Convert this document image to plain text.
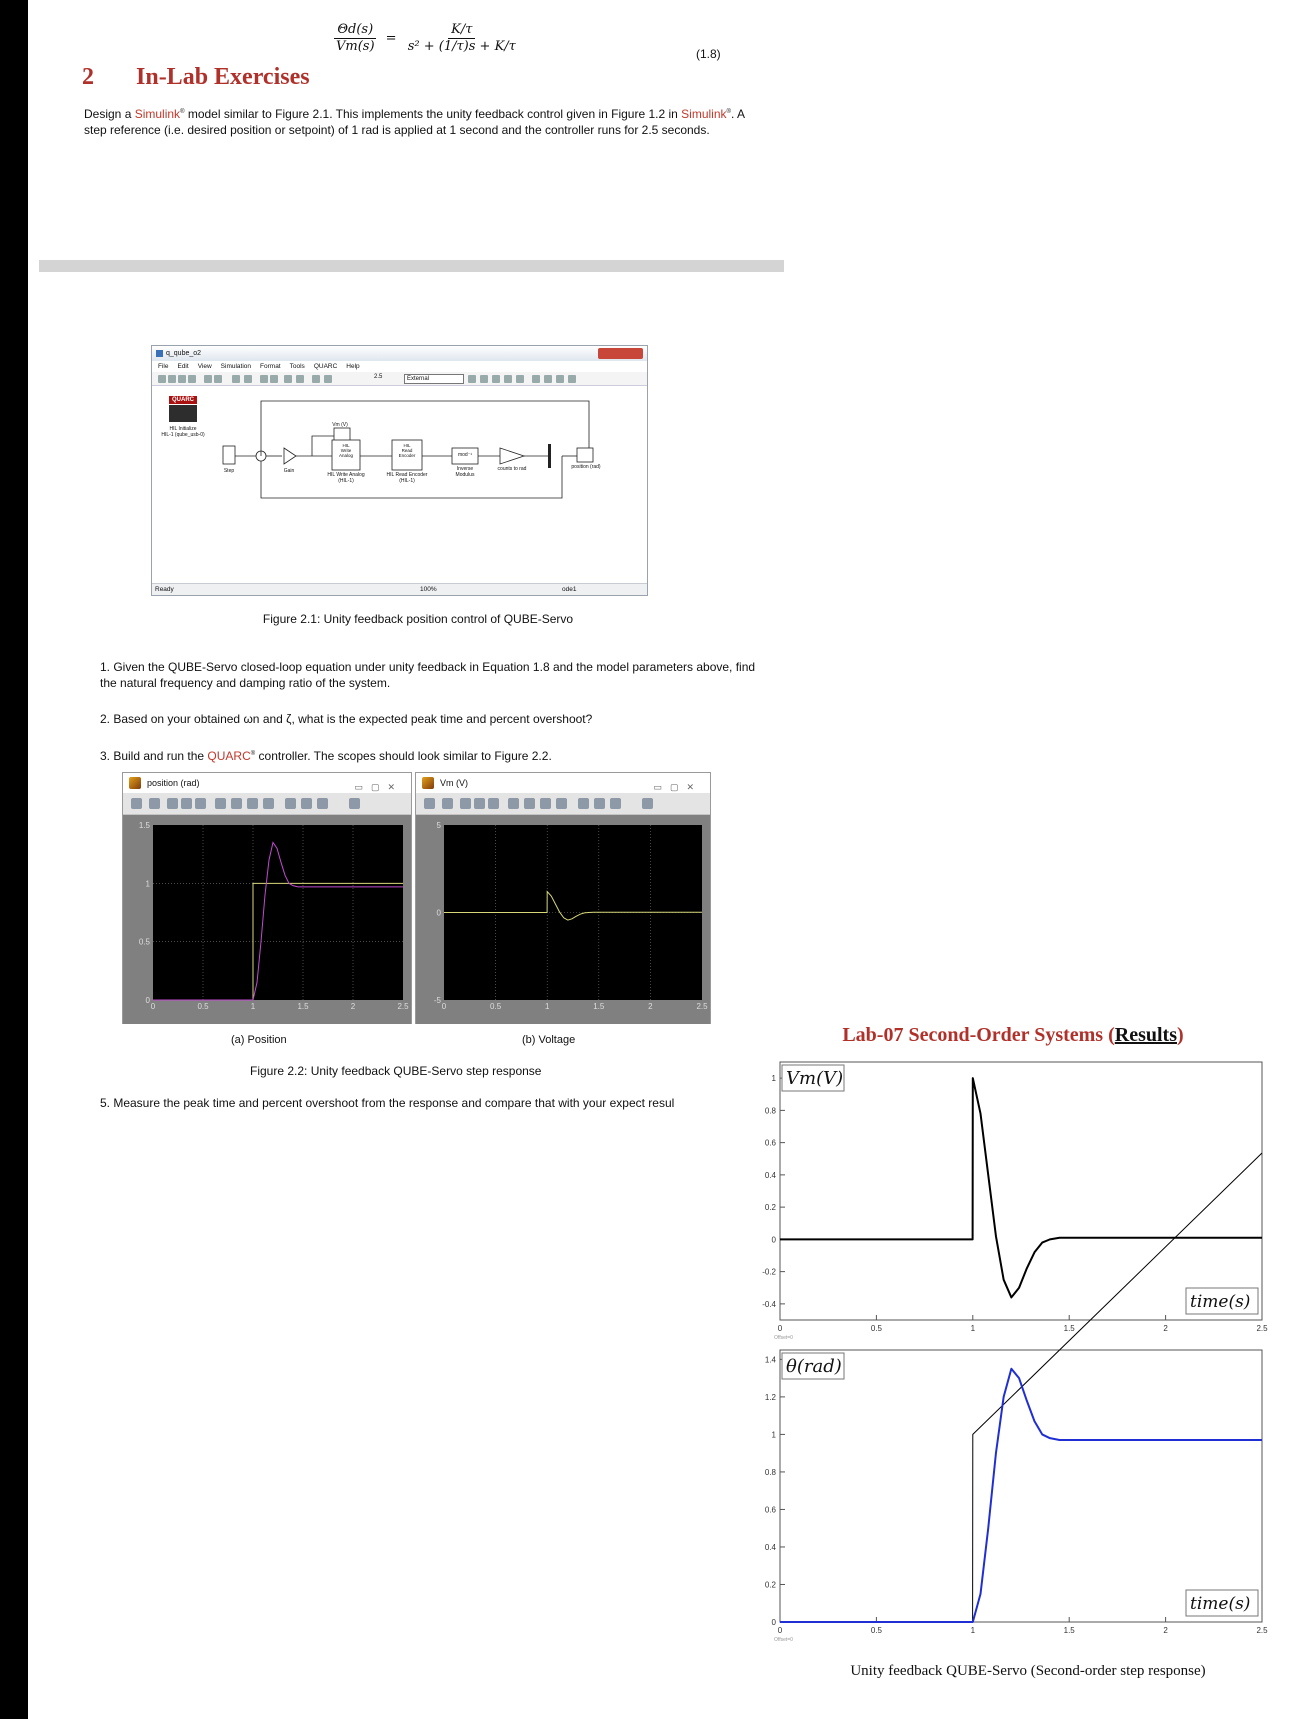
$\frac{\Theta d(s)}{Vm(s)} = \frac{K/\tau}{\text{s² + (1/τ)s + K/τ}}$	(1.8)
2 In-Lab Exercises
Design a Simulink® model similar to Figure 2.1. This implements the unity feedback control given in Figure 1.2 in Simulink®. A step reference (i.e. desired position or setpoint) of 1 rad is applied at 1 second and the controller runs for 2.5 seconds.
q_qube_o2
File Edit View Simulation Format Tools QUARC Help
2.5	External
QUARC
HIL Initialize
HIL-1 (qube_usb-0)
Step	Gain
Vm (V)
HIL
Write
Analog
HIL Write Analog
(HIL-1)
HIL
Read
Encoder
HIL Read Encoder
(HIL-1)
mod⁻¹
Inverse
Modulus
counts to rad	position (rad)
Ready	100%	ode1
Figure 2.1: Unity feedback position control of QUBE-Servo
1. Given the QUBE-Servo closed-loop equation under unity feedback in Equation 1.8 and the model parameters above, find the natural frequency and damping ratio of the system.
2. Based on your obtained ωn and ζ, what is the expected peak time and percent overshoot?
3. Build and run the QUARC® controller. The scopes should look similar to Figure 2.2.
position (rad)	▭▢✕
1.5
1
0.5
0
0	0.5	1	1.5	2	2.5
Time offset: 0
Vm (V)	▭▢✕
5
0
-5
0	0.5	1	1.5	2	2.5
Time offset: 0
(a) Position	(b) Voltage
Figure 2.2: Unity feedback QUBE-Servo step response
5. Measure the peak time and percent overshoot from the response and compare that with your expect resul
Lab-07 Second-Order Systems (Results)
1
0.8
0.6
0.4
0.2
0
-0.2
-0.4
0	0.5	1	1.5	2	2.5
Offset=0
Vm(V)
time(s)
1.4
1.2
1
0.8
0.6
0.4
0.2
0
0	0.5	1	1.5	2	2.5
Offset=0
θ(rad)
time(s)
Unity feedback QUBE-Servo (Second-order step response)
